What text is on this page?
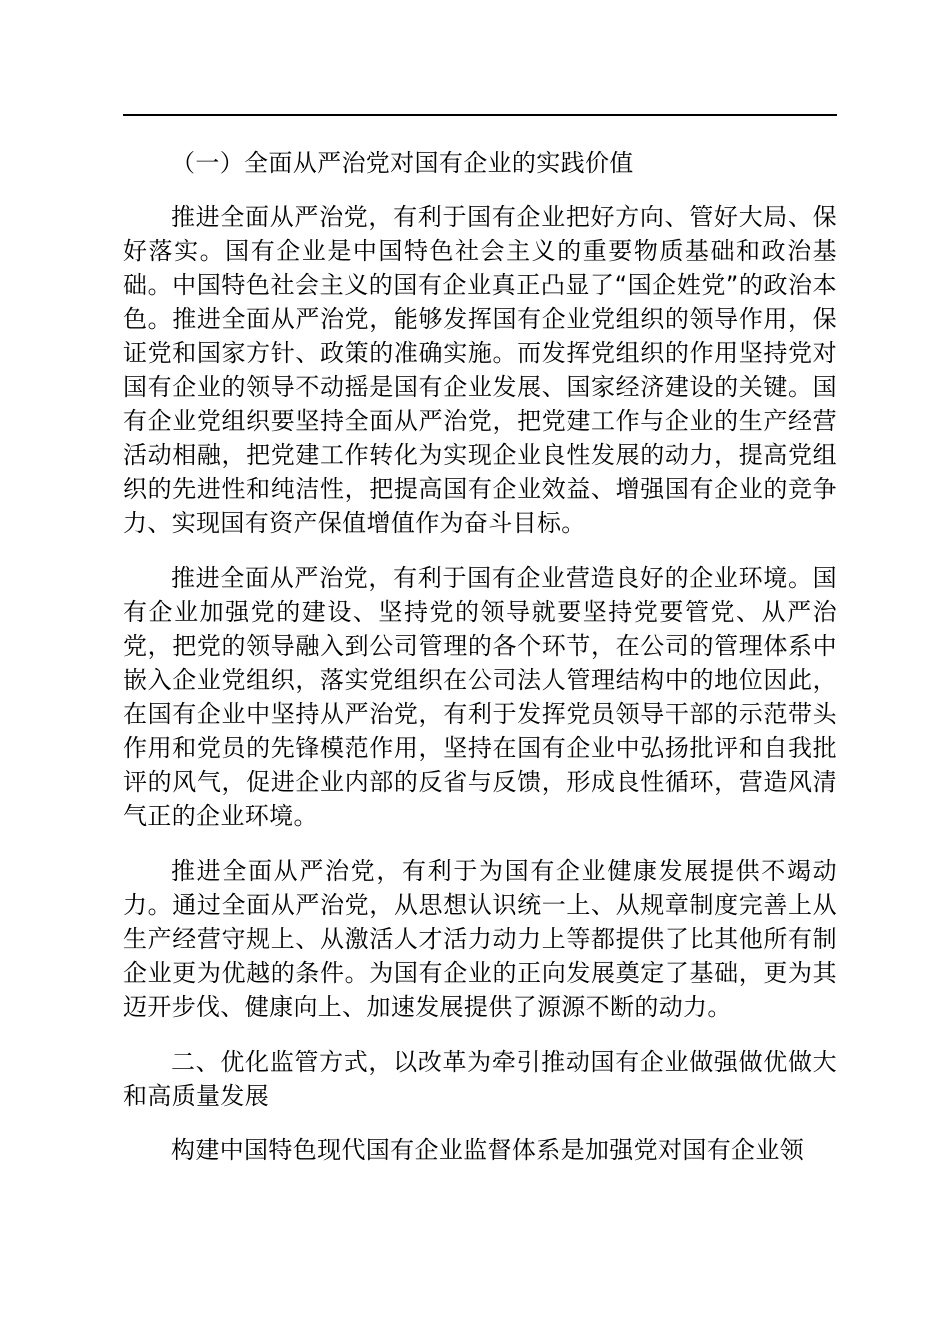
（一）全面从严治党对国有企业的实践价值

推进全面从严治党，有利于国有企业把好方向、管好大局、保好落实。国有企业是中国特色社会主义的重要物质基础和政治基础。中国特色社会主义的国有企业真正凸显了“国企姓党”的政治本色。推进全面从严治党，能够发挥国有企业党组织的领导作用，保证党和国家方针、政策的准确实施。而发挥党组织的作用坚持党对国有企业的领导不动摇是国有企业发展、国家经济建设的关键。国有企业党组织要坚持全面从严治党，把党建工作与企业的生产经营活动相融，把党建工作转化为实现企业良性发展的动力，提高党组织的先进性和纯洁性，把提高国有企业效益、增强国有企业的竞争力、实现国有资产保值增值作为奋斗目标。

推进全面从严治党，有利于国有企业营造良好的企业环境。国有企业加强党的建设、坚持党的领导就要坚持党要管党、从严治党，把党的领导融入到公司管理的各个环节，在公司的管理体系中嵌入企业党组织，落实党组织在公司法人管理结构中的地位因此，在国有企业中坚持从严治党，有利于发挥党员领导干部的示范带头作用和党员的先锋模范作用，坚持在国有企业中弘扬批评和自我批评的风气，促进企业内部的反省与反馈，形成良性循环，营造风清气正的企业环境。

推进全面从严治党，有利于为国有企业健康发展提供不竭动力。通过全面从严治党，从思想认识统一上、从规章制度完善上从生产经营守规上、从激活人才活力动力上等都提供了比其他所有制企业更为优越的条件。为国有企业的正向发展奠定了基础，更为其迈开步伐、健康向上、加速发展提供了源源不断的动力。

二、优化监管方式，以改革为牵引推动国有企业做强做优做大和高质量发展

构建中国特色现代国有企业监督体系是加强党对国有企业领
